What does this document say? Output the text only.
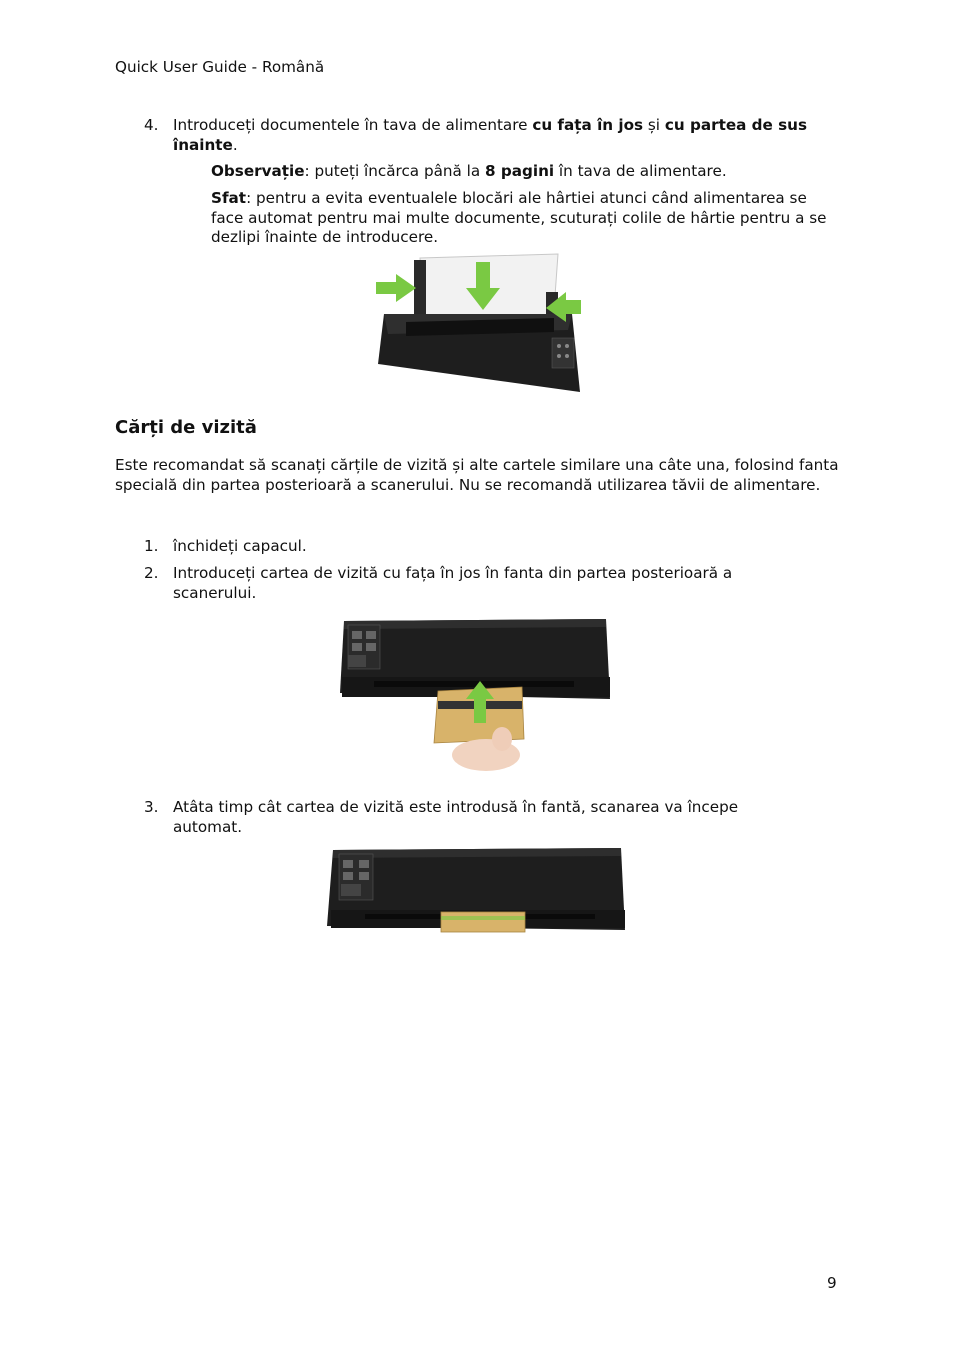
Quick User Guide - Română
4. Introduceți documentele în tava de alimentare cu fața în jos și cu partea de sus înainte.
Observație: puteți încărca până la 8 pagini în tava de alimentare.
Sfat: pentru a evita eventualele blocări ale hârtiei atunci când alimentarea se face automat pentru mai multe documente, scuturați colile de hârtie pentru a se dezlipi înainte de introducere.
Cărți de vizită
Este recomandat să scanați cărțile de vizită și alte cartele similare una câte una, folosind fanta specială din partea posterioară a scanerului. Nu se recomandă utilizarea tăvii de alimentare.
1. închideți capacul.
2. Introduceți cartea de vizită cu fața în jos în fanta din partea posterioară a scanerului.
3. Atâta timp cât cartea de vizită este introdusă în fantă, scanarea va începe automat.
9
